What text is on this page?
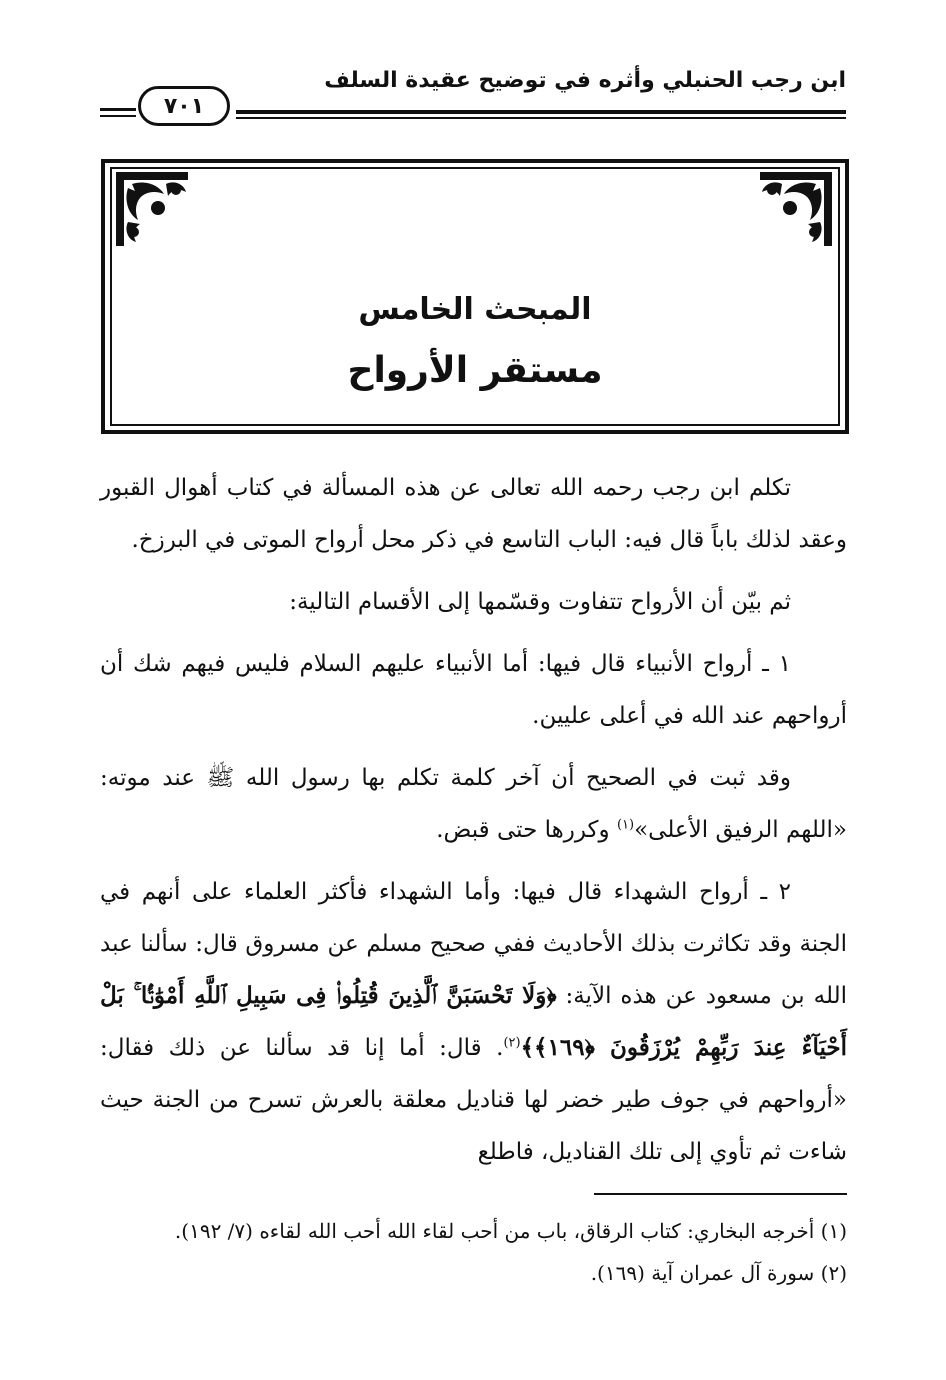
ابن رجب الحنبلي وأثره في توضيح عقيدة السلف
٧٠١
المبحث الخامس
مستقر الأرواح

تكلم ابن رجب رحمه الله تعالى عن هذه المسألة في كتاب أهوال القبور وعقد لذلك باباً قال فيه: الباب التاسع في ذكر محل أرواح الموتى في البرزخ.

ثم بيّن أن الأرواح تتفاوت وقسّمها إلى الأقسام التالية:

١ ـ أرواح الأنبياء قال فيها: أما الأنبياء عليهم السلام فليس فيهم شك أن أرواحهم عند الله في أعلى عليين.

وقد ثبت في الصحيح أن آخر كلمة تكلم بها رسول الله ﷺ عند موته: «اللهم الرفيق الأعلى»$^{(١)}$ وكررها حتى قبض.

٢ ـ أرواح الشهداء قال فيها: وأما الشهداء فأكثر العلماء على أنهم في الجنة وقد تكاثرت بذلك الأحاديث ففي صحيح مسلم عن مسروق قال: سألنا عبد الله بن مسعود عن هذه الآية: ﴿وَلَا تَحْسَبَنَّ ٱلَّذِينَ قُتِلُوا۟ فِى سَبِيلِ ٱللَّهِ أَمْوَٰتًۢا ۚ بَلْ أَحْيَآءٌ عِندَ رَبِّهِمْ يُرْزَقُونَ ﴿١٦٩﴾﴾$^{(٢)}$. قال: أما إنا قد سألنا عن ذلك فقال: «أرواحهم في جوف طير خضر لها قناديل معلقة بالعرش تسرح من الجنة حيث شاءت ثم تأوي إلى تلك القناديل، فاطلع

(١) أخرجه البخاري: كتاب الرقاق، باب من أحب لقاء الله أحب الله لقاءه (٧/ ١٩٢).
(٢) سورة آل عمران آية (١٦٩).
